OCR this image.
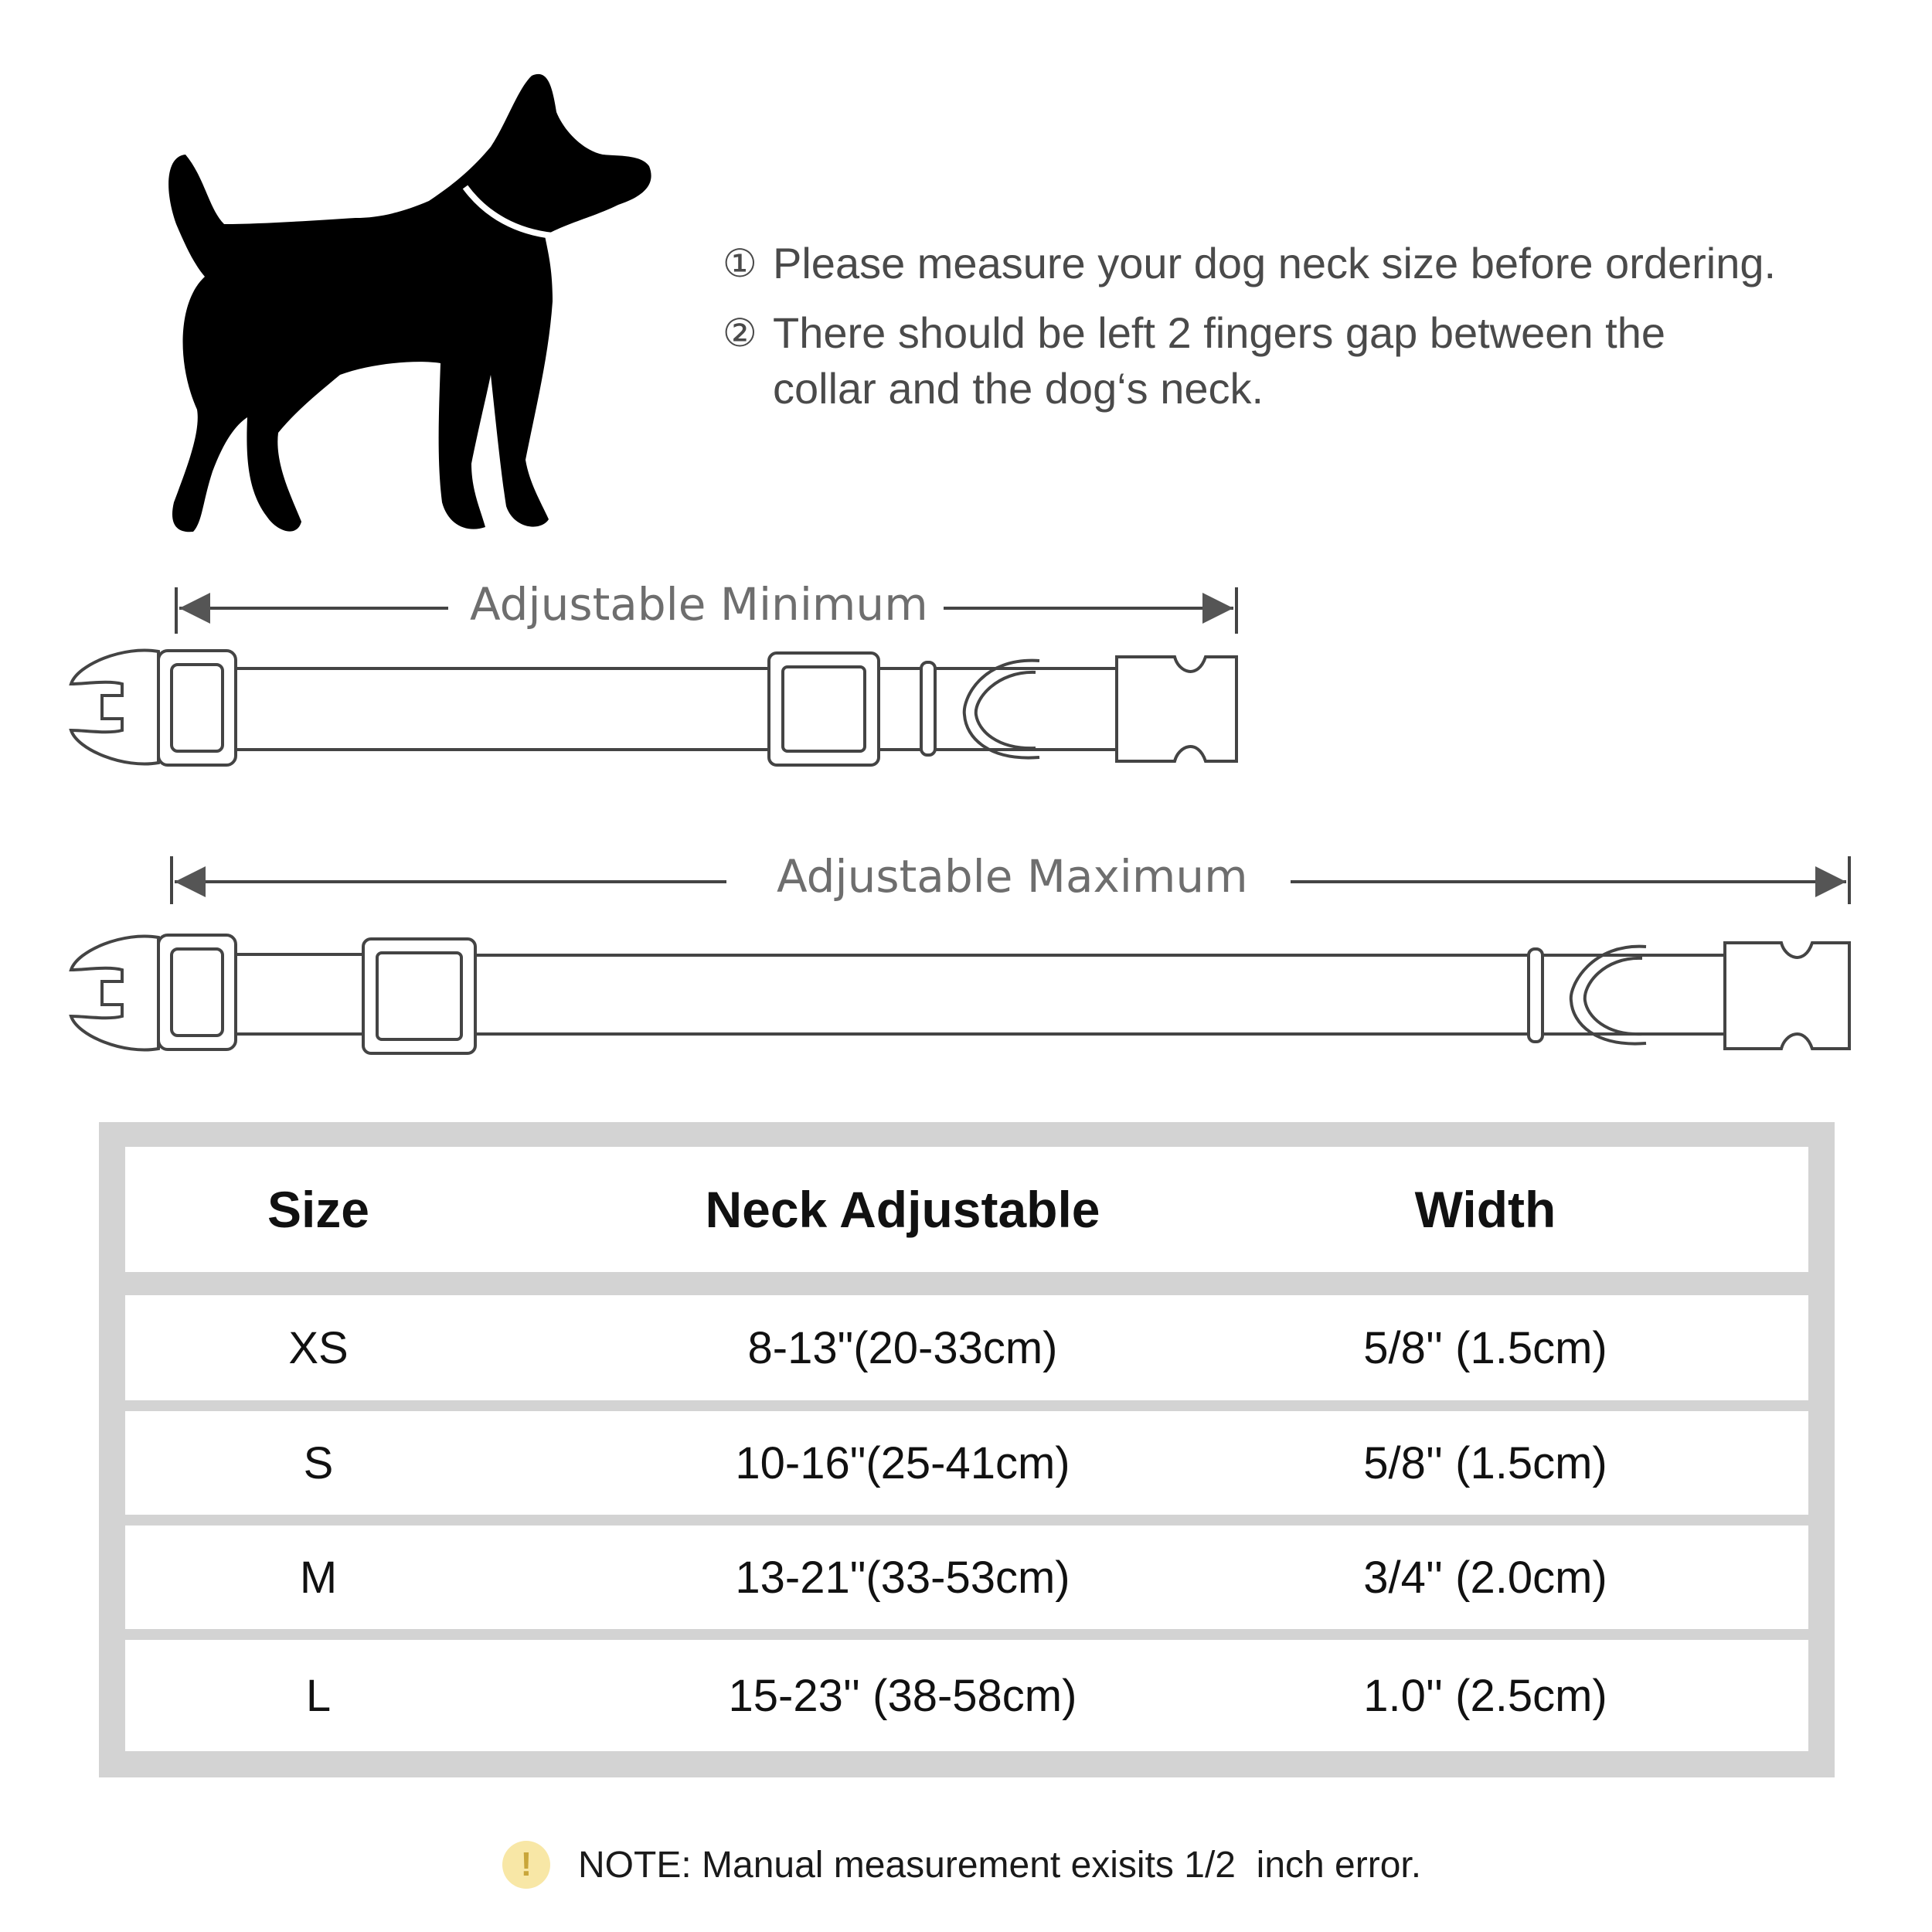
① Please measure your dog neck size before ordering.
② There should be left 2 fingers gap between the collar and the dog‘s neck.
Adjustable Minimum
Adjustable Maximum
Size	Neck Adjustable	Width
XS	8-13"(20-33cm)	5/8'' (1.5cm)
S	10-16"(25-41cm)	5/8'' (1.5cm)
M	13-21"(33-53cm)	3/4'' (2.0cm)
L	15-23'' (38-58cm)	1.0'' (2.5cm)
!	NOTE: Manual measurement exisits 1/2  inch error.
